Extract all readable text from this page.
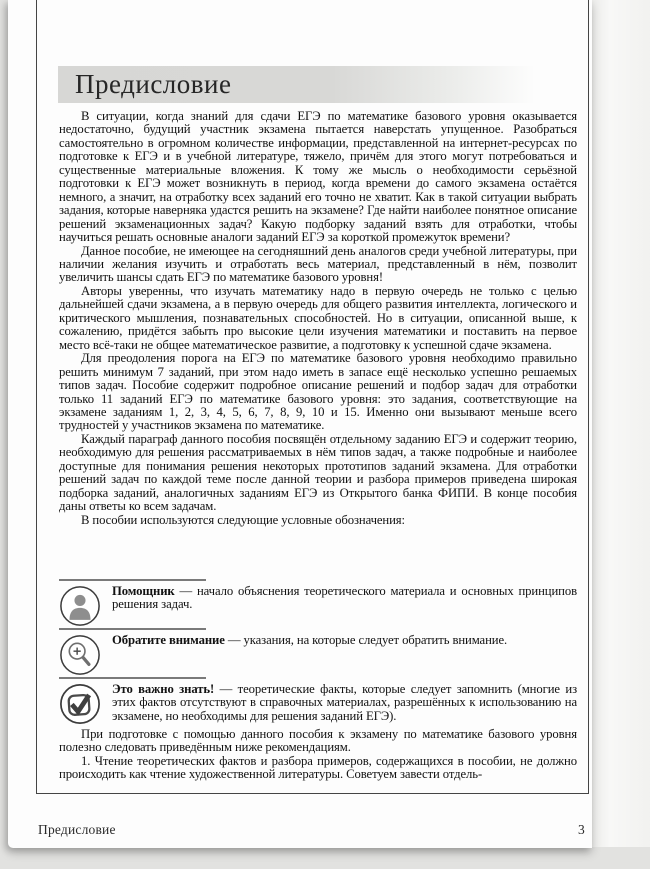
Предисловие

В ситуации, когда знаний для сдачи ЕГЭ по математике базового уровня оказывается недостаточно, будущий участник экзамена пытается наверстать упущенное. Разобраться самостоятельно в огромном количестве информации, представленной на интернет-ресурсах по подготовке к ЕГЭ и в учебной литературе, тяжело, причём для этого могут потребоваться и существенные материальные вложения. К тому же мысль о необходимости серьёзной подготовки к ЕГЭ может возникнуть в период, когда времени до самого экзамена остаётся немного, а значит, на отработку всех заданий его точно не хватит. Как в такой ситуации выбрать задания, которые наверняка удастся решить на экзамене? Где найти наиболее понятное описание решений экзаменационных задач? Какую подборку заданий взять для отработки, чтобы научиться решать основные аналоги заданий ЕГЭ за короткой промежуток времени?

Данное пособие, не имеющее на сегодняшний день аналогов среди учебной литературы, при наличии желания изучить и отработать весь материал, представленный в нём, позволит увеличить шансы сдать ЕГЭ по математике базового уровня!

Авторы уверенны, что изучать математику надо в первую очередь не только с целью дальнейшей сдачи экзамена, а в первую очередь для общего развития интеллекта, логического и критического мышления, познавательных способностей. Но в ситуации, описанной выше, к сожалению, придётся забыть про высокие цели изучения математики и поставить на первое место всё-таки не общее математическое развитие, а подготовку к успешной сдаче экзамена.

Для преодоления порога на ЕГЭ по математике базового уровня необходимо правильно решить минимум 7 заданий, при этом надо иметь в запасе ещё несколько успешно решаемых типов задач. Пособие содержит подробное описание решений и подбор задач для отработки только 11 заданий ЕГЭ по математике базового уровня: это задания, соответствующие на экзамене заданиям 1, 2, 3, 4, 5, 6, 7, 8, 9, 10 и 15. Именно они вызывают меньше всего трудностей у участников экзамена по математике.

Каждый параграф данного пособия посвящён отдельному заданию ЕГЭ и содержит теорию, необходимую для решения рассматриваемых в нём типов задач, а также подробные и наиболее доступные для понимания решения некоторых прототипов заданий экзамена. Для отработки решений задач по каждой теме после данной теории и разбора примеров приведена широкая подборка заданий, аналогичных заданиям ЕГЭ из Открытого банка ФИПИ. В конце пособия даны ответы ко всем задачам.

В пособии используются следующие условные обозначения:

Помощник — начало объяснения теоретического материала и основных принципов решения задач.

Обратите внимание — указания, на которые следует обратить внимание.

Это важно знать! — теоретические факты, которые следует запомнить (многие из этих фактов отсутствуют в справочных материалах, разрешённых к использованию на экзамене, но необходимы для решения заданий ЕГЭ).

При подготовке с помощью данного пособия к экзамену по математике базового уровня полезно следовать приведённым ниже рекомендациям.

1. Чтение теоретических фактов и разбора примеров, содержащихся в пособии, не должно происходить как чтение художественной литературы. Советуем завести отдель-

Предисловие	3
